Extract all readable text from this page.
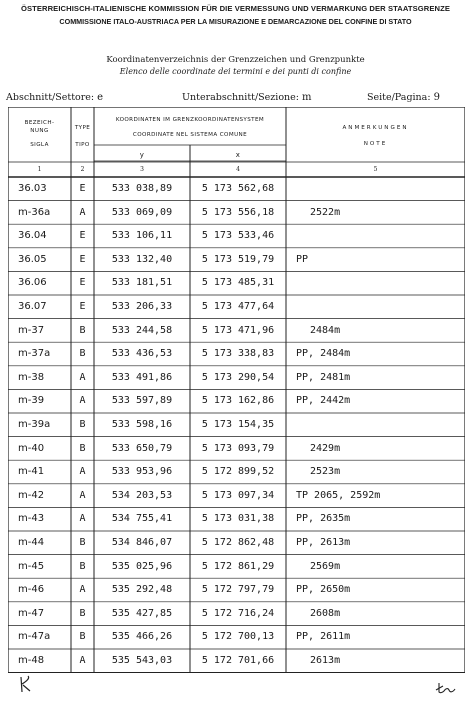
ÖSTERREICHISCH-ITALIENISCHE KOMMISSION FÜR DIE VERMESSUNG UND VERMARKUNG DER STAATSGRENZE
COMMISSIONE ITALO-AUSTRIACA PER LA MISURAZIONE E DEMARCAZIONE DEL CONFINE DI STATO
Koordinatenverzeichnis der Grenzzeichen und Grenzpunkte
Elenco delle coordinate dei termini e dei punti di confine
Abschnitt/Settore: e	Unterabschnitt/Sezione: m	Seite/Pagina: 9
BEZEICH-
NUNG
SIGLA
TYPE
TIPO
KOORDINATEN IM GRENZKOORDINATENSYSTEM
COORDINATE NEL SISTEMA COMUNE
y	x
ANMERKUNGEN
NOTE
1	2	3	4	5
36.03	E	533 038,89	5 173 562,68
m-36a	A	533 069,09	5 173 556,18	2522m
36.04	E	533 106,11	5 173 533,46
36.05	E	533 132,40	5 173 519,79	PP
36.06	E	533 181,51	5 173 485,31
36.07	E	533 206,33	5 173 477,64
m-37	B	533 244,58	5 173 471,96	2484m
m-37a	B	533 436,53	5 173 338,83	PP, 2484m
m-38	A	533 491,86	5 173 290,54	PP, 2481m
m-39	A	533 597,89	5 173 162,86	PP, 2442m
m-39a	B	533 598,16	5 173 154,35
m-40	B	533 650,79	5 173 093,79	2429m
m-41	A	533 953,96	5 172 899,52	2523m
m-42	A	534 203,53	5 173 097,34	TP 2065, 2592m
m-43	A	534 755,41	5 173 031,38	PP, 2635m
m-44	B	534 846,07	5 172 862,48	PP, 2613m
m-45	B	535 025,96	5 172 861,29	2569m
m-46	A	535 292,48	5 172 797,79	PP, 2650m
m-47	B	535 427,85	5 172 716,24	2608m
m-47a	B	535 466,26	5 172 700,13	PP, 2611m
m-48	A	535 543,03	5 172 701,66	2613m
